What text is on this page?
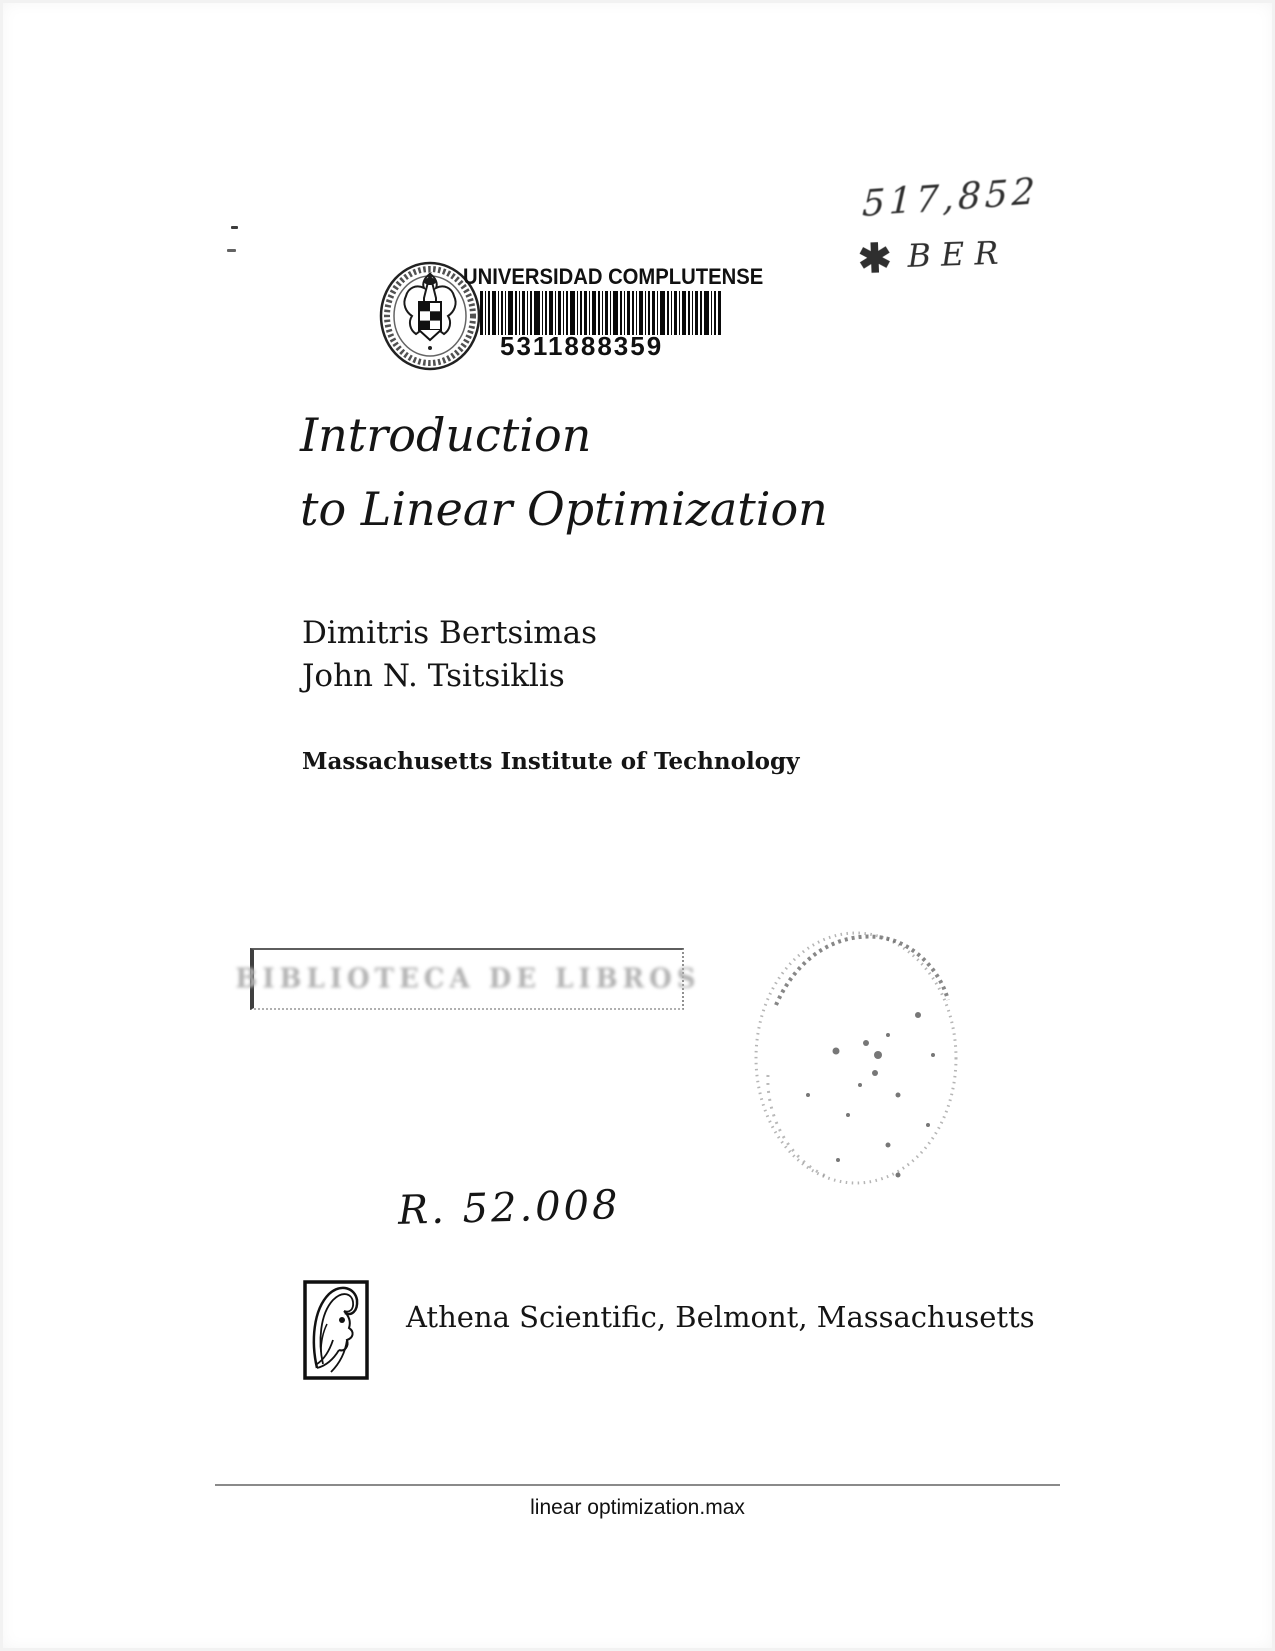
517,852
✱ BER
UNIVERSIDAD COMPLUTENSE
5311888359
Introduction
to Linear Optimization
Dimitris Bertsimas
John N. Tsitsiklis
Massachusetts Institute of Technology
BIBLIOTECA DE LIBROS
R. 52.008
Athena Scientific, Belmont, Massachusetts
linear optimization.max
